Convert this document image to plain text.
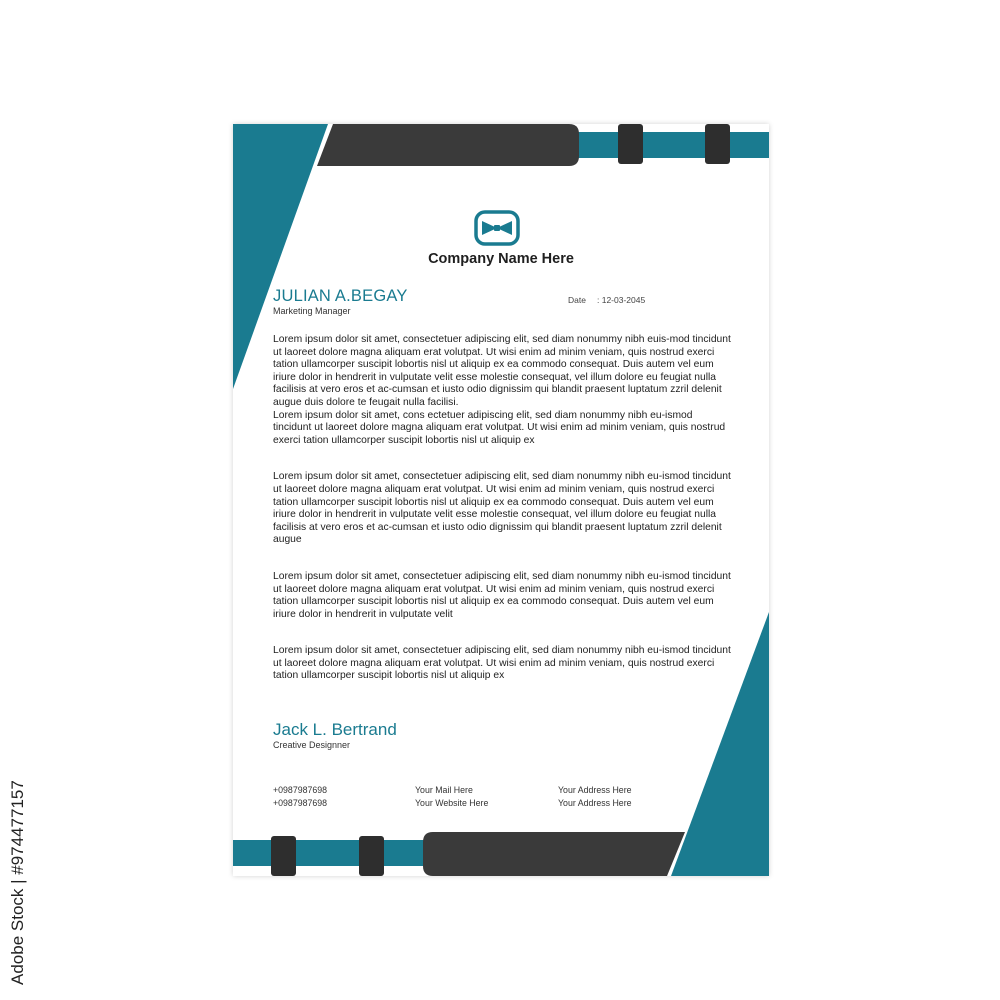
Company Name Here
JULIAN A.BEGAY
Marketing Manager
Date : 12-03-2045

Lorem ipsum dolor sit amet, consectetuer adipiscing elit, sed diam nonummy nibh euis-mod tincidunt ut laoreet dolore magna aliquam erat volutpat. Ut wisi enim ad minim veniam, quis nostrud exerci tation ullamcorper suscipit lobortis nisl ut aliquip ex ea commodo consequat. Duis autem vel eum iriure dolor in hendrerit in vulputate velit esse molestie consequat, vel illum dolore eu feugiat nulla facilisis at vero eros et ac-cumsan et iusto odio dignissim qui blandit praesent luptatum zzril delenit augue duis dolore te feugait nulla facilisi.

Lorem ipsum dolor sit amet, cons ectetuer adipiscing elit, sed diam nonummy nibh eu-ismod tincidunt ut laoreet dolore magna aliquam erat volutpat. Ut wisi enim ad minim veniam, quis nostrud exerci tation ullamcorper suscipit lobortis nisl ut aliquip ex

Lorem ipsum dolor sit amet, consectetuer adipiscing elit, sed diam nonummy nibh eu-ismod tincidunt ut laoreet dolore magna aliquam erat volutpat. Ut wisi enim ad minim veniam, quis nostrud exerci tation ullamcorper suscipit lobortis nisl ut aliquip ex ea commodo consequat. Duis autem vel eum iriure dolor in hendrerit in vulputate velit esse molestie consequat, vel illum dolore eu feugiat nulla facilisis at vero eros et ac-cumsan et iusto odio dignissim qui blandit praesent luptatum zzril delenit augue

Lorem ipsum dolor sit amet, consectetuer adipiscing elit, sed diam nonummy nibh eu-ismod tincidunt ut laoreet dolore magna aliquam erat volutpat. Ut wisi enim ad minim veniam, quis nostrud exerci tation ullamcorper suscipit lobortis nisl ut aliquip ex ea commodo consequat. Duis autem vel eum iriure dolor in hendrerit in vulputate velit

Lorem ipsum dolor sit amet, consectetuer adipiscing elit, sed diam nonummy nibh eu-ismod tincidunt ut laoreet dolore magna aliquam erat volutpat. Ut wisi enim ad minim veniam, quis nostrud exerci tation ullamcorper suscipit lobortis nisl ut aliquip ex

Jack L. Bertrand
Creative Designner
+0987987698
+0987987698
Your Mail Here
Your Website Here
Your Address Here
Your Address Here
Adobe Stock | #974477157
